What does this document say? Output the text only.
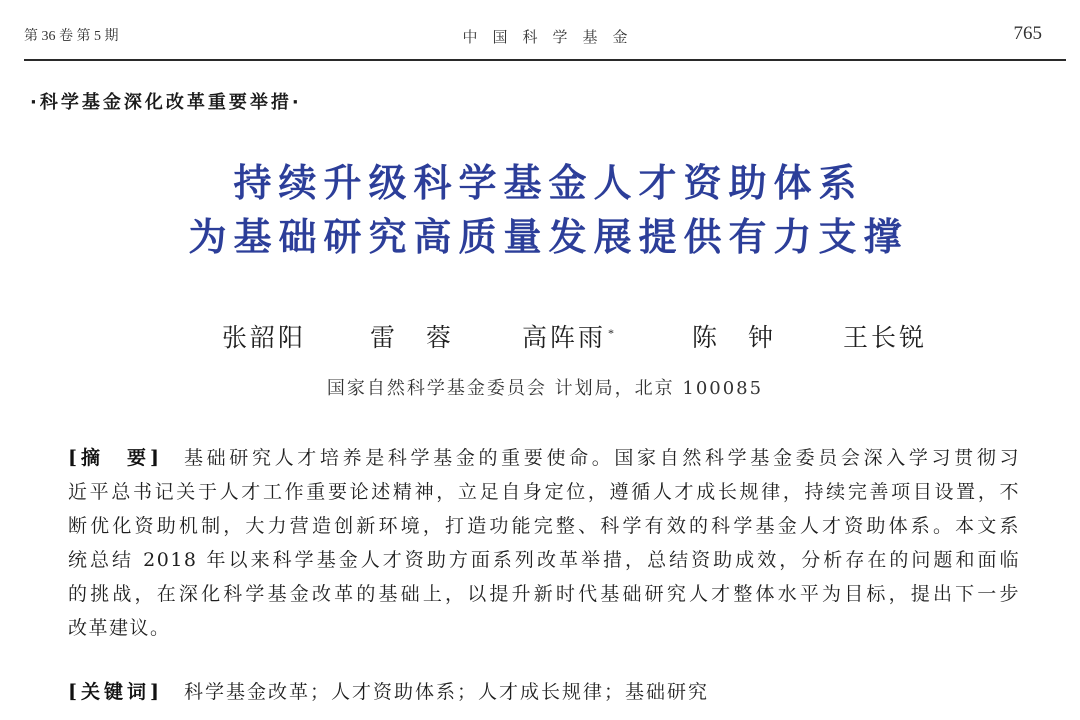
第 36 卷 第 5 期	中国科学基金	765
·科学基金深化改革重要举措·
持续升级科学基金人才资助体系
为基础研究高质量发展提供有力支撑
张韶阳	雷　蓉	高阵雨 *	陈　钟	王长锐
国家自然科学基金委员会 计划局，北京 100085
[摘　要]	基础研究人才培养是科学基金的重要使命。国家自然科学基金委员会深入学习贯彻习
近平总书记关于人才工作重要论述精神，立足自身定位，遵循人才成长规律，持续完善项目设置，不
断优化资助机制，大力营造创新环境，打造功能完整、科学有效的科学基金人才资助体系。本文系
统总结 2018 年以来科学基金人才资助方面系列改革举措，总结资助成效，分析存在的问题和面临
的挑战，在深化科学基金改革的基础上，以提升新时代基础研究人才整体水平为目标，提出下一步
改革建议。
[关键词] 科学基金改革；人才资助体系；人才成长规律；基础研究
